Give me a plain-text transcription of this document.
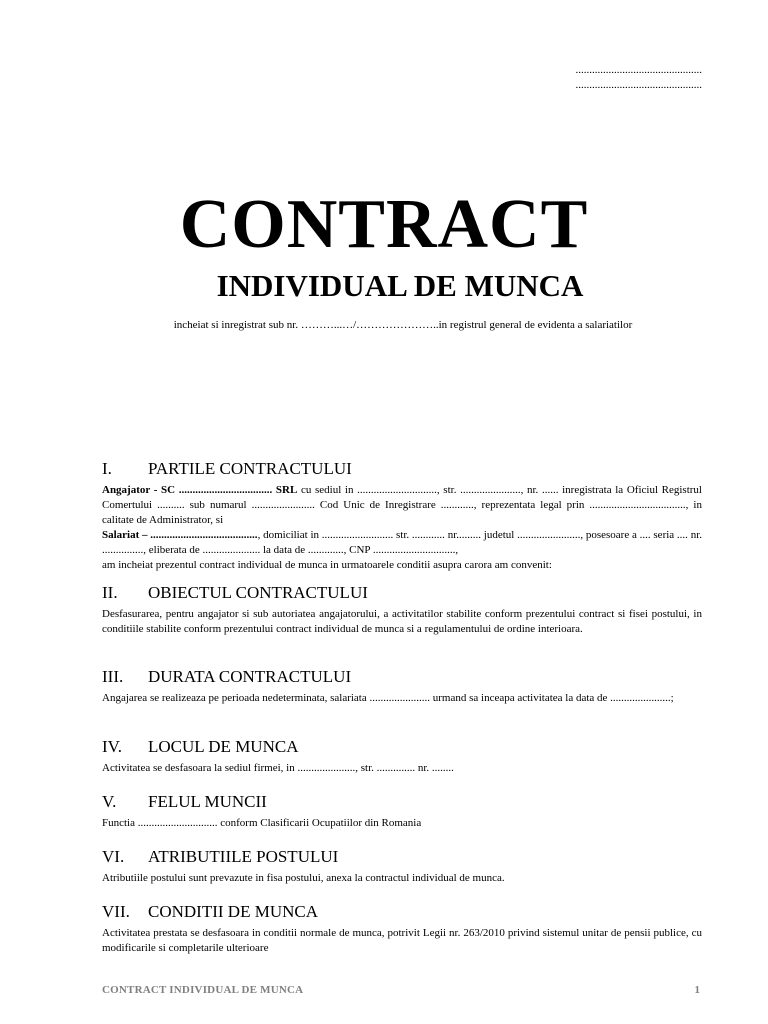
..............................................
..............................................
CONTRACT
INDIVIDUAL DE MUNCA
incheiat si inregistrat sub nr. ………...…/…………………..in registrul general de evidenta a salariatilor
I.	PARTILE CONTRACTULUI

Angajator - SC .................................. SRL cu sediul in ............................., str. ......................, nr. ...... inregistrata la Oficiul Registrul Comertului .......... sub numarul ....................... Cod Unic de Inregistrare ............, reprezentata legal prin ..................................., in calitate de Administrator, si

Salariat – ......................................., domiciliat in .......................... str. ............ nr......... judetul ......................., posesoare a .... seria .... nr. ..............., eliberata de ..................... la data de ............., CNP ..............................,

am incheiat prezentul contract individual de munca in urmatoarele conditii asupra carora am convenit:

II.	OBIECTUL CONTRACTULUI
Desfasurarea, pentru angajator si sub autoriatea angajatorului, a activitatilor stabilite conform prezentului contract si fisei postului, in conditiile stabilite conform prezentului contract individual de munca si a regulamentului de ordine interioara.
III.	DURATA CONTRACTULUI
Angajarea se realizeaza pe perioada nedeterminata, salariata ...................... urmand sa inceapa activitatea la data de ......................;
IV.	LOCUL DE MUNCA
Activitatea se desfasoara la sediul firmei, in ....................., str. .............. nr. ........
V.	FELUL MUNCII
Functia ............................. conform Clasificarii Ocupatiilor din Romania
VI.	ATRIBUTIILE POSTULUI
Atributiile postului sunt prevazute in fisa postului, anexa la contractul individual de munca.
VII.	CONDITII DE MUNCA
Activitatea prestata se desfasoara in conditii normale de munca, potrivit Legii nr. 263/2010 privind sistemul unitar de pensii publice, cu modificarile si completarile ulterioare
CONTRACT INDIVIDUAL DE MUNCA	1
